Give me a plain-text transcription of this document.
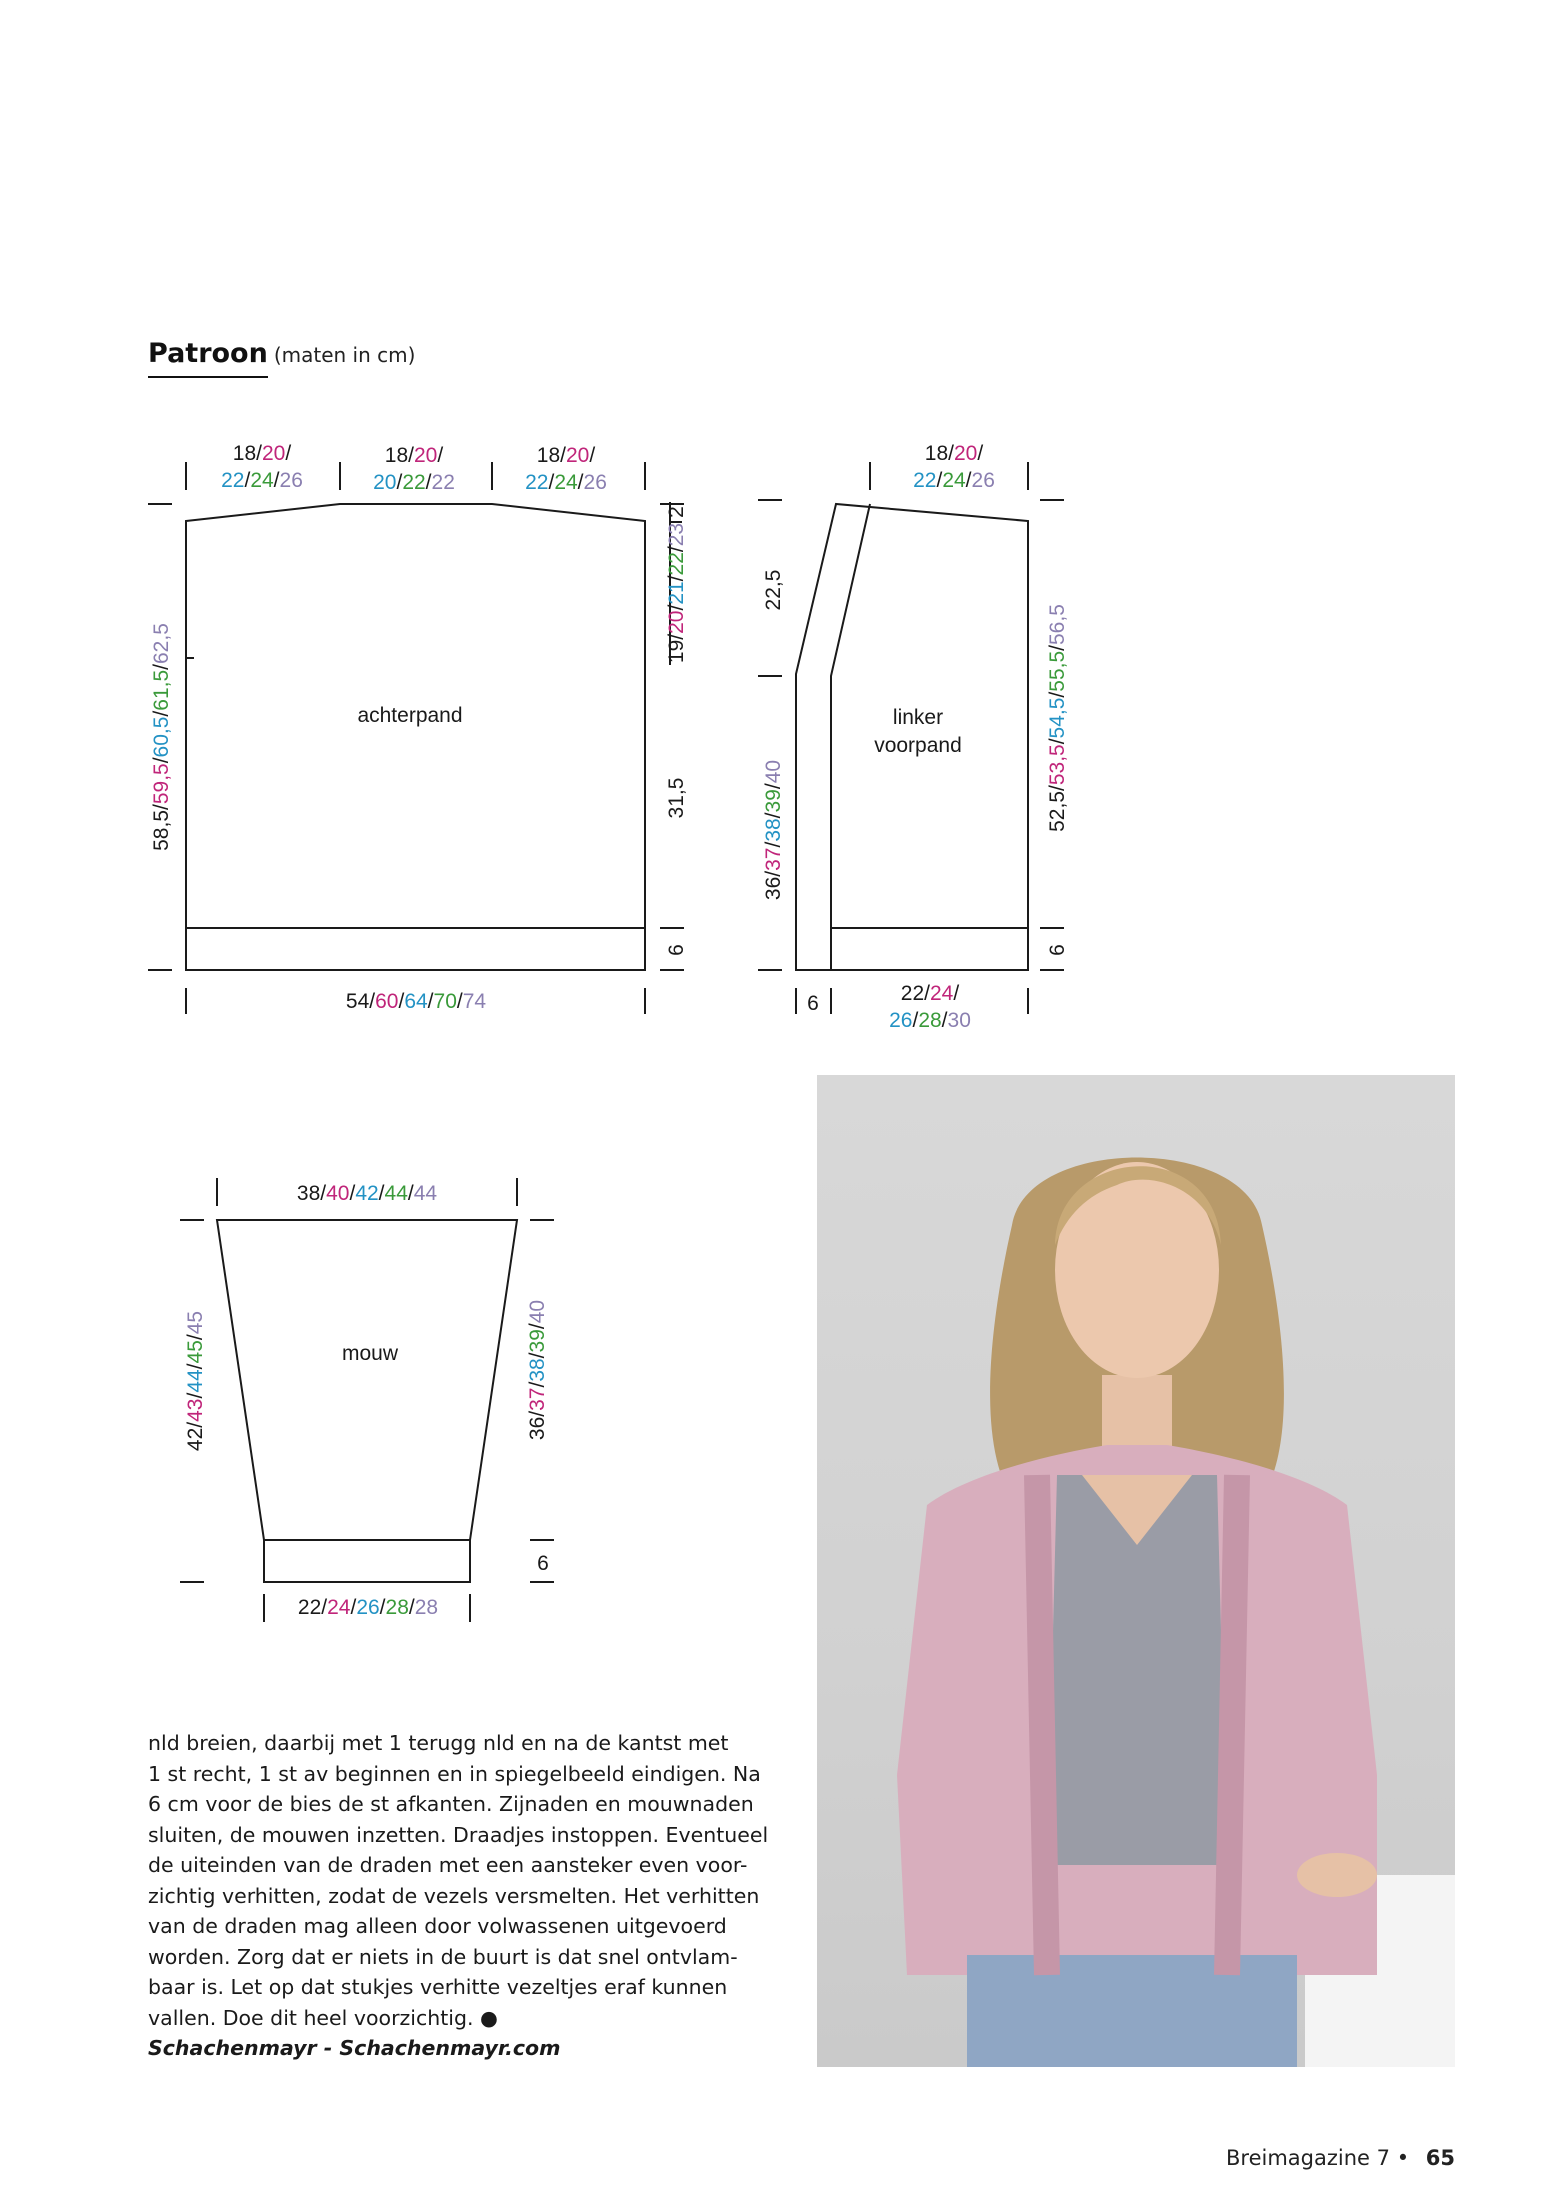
Patroon (maten in cm)
achterpand	linker
voorpand
mouw
18/20/
22/24/26
18/20/
20/22/22
18/20/
22/24/26
58,5/59,5/60,5/61,5/62,5
2
19/20/21/22/23
31,5
6
54/60/64/70/74
18/20/
22/24/26
22,5
36/37/38/39/40
52,5/53,5/54,5/55,5/56,5
6
6	22/24/
26/28/30
38/40/42/44/44
42/43/44/45/45
36/37/38/39/40
6
22/24/26/28/28

nld breien, daarbij met 1 terugg nld en na de kantst met

1 st recht, 1 st av beginnen en in spiegelbeeld eindigen. Na

6 cm voor de bies de st afkanten. Zijnaden en mouwnaden

sluiten, de mouwen inzetten. Draadjes instoppen. Eventueel

de uiteinden van de draden met een aansteker even voor-

zichtig verhitten, zodat de vezels versmelten. Het verhitten

van de draden mag alleen door volwassenen uitgevoerd

worden. Zorg dat er niets in de buurt is dat snel ontvlam-

baar is. Let op dat stukjes verhitte vezeltjes eraf kunnen

vallen. Doe dit heel voorzichtig. ●

Schachenmayr - Schachenmayr.com

Breimagazine 7 • 65
